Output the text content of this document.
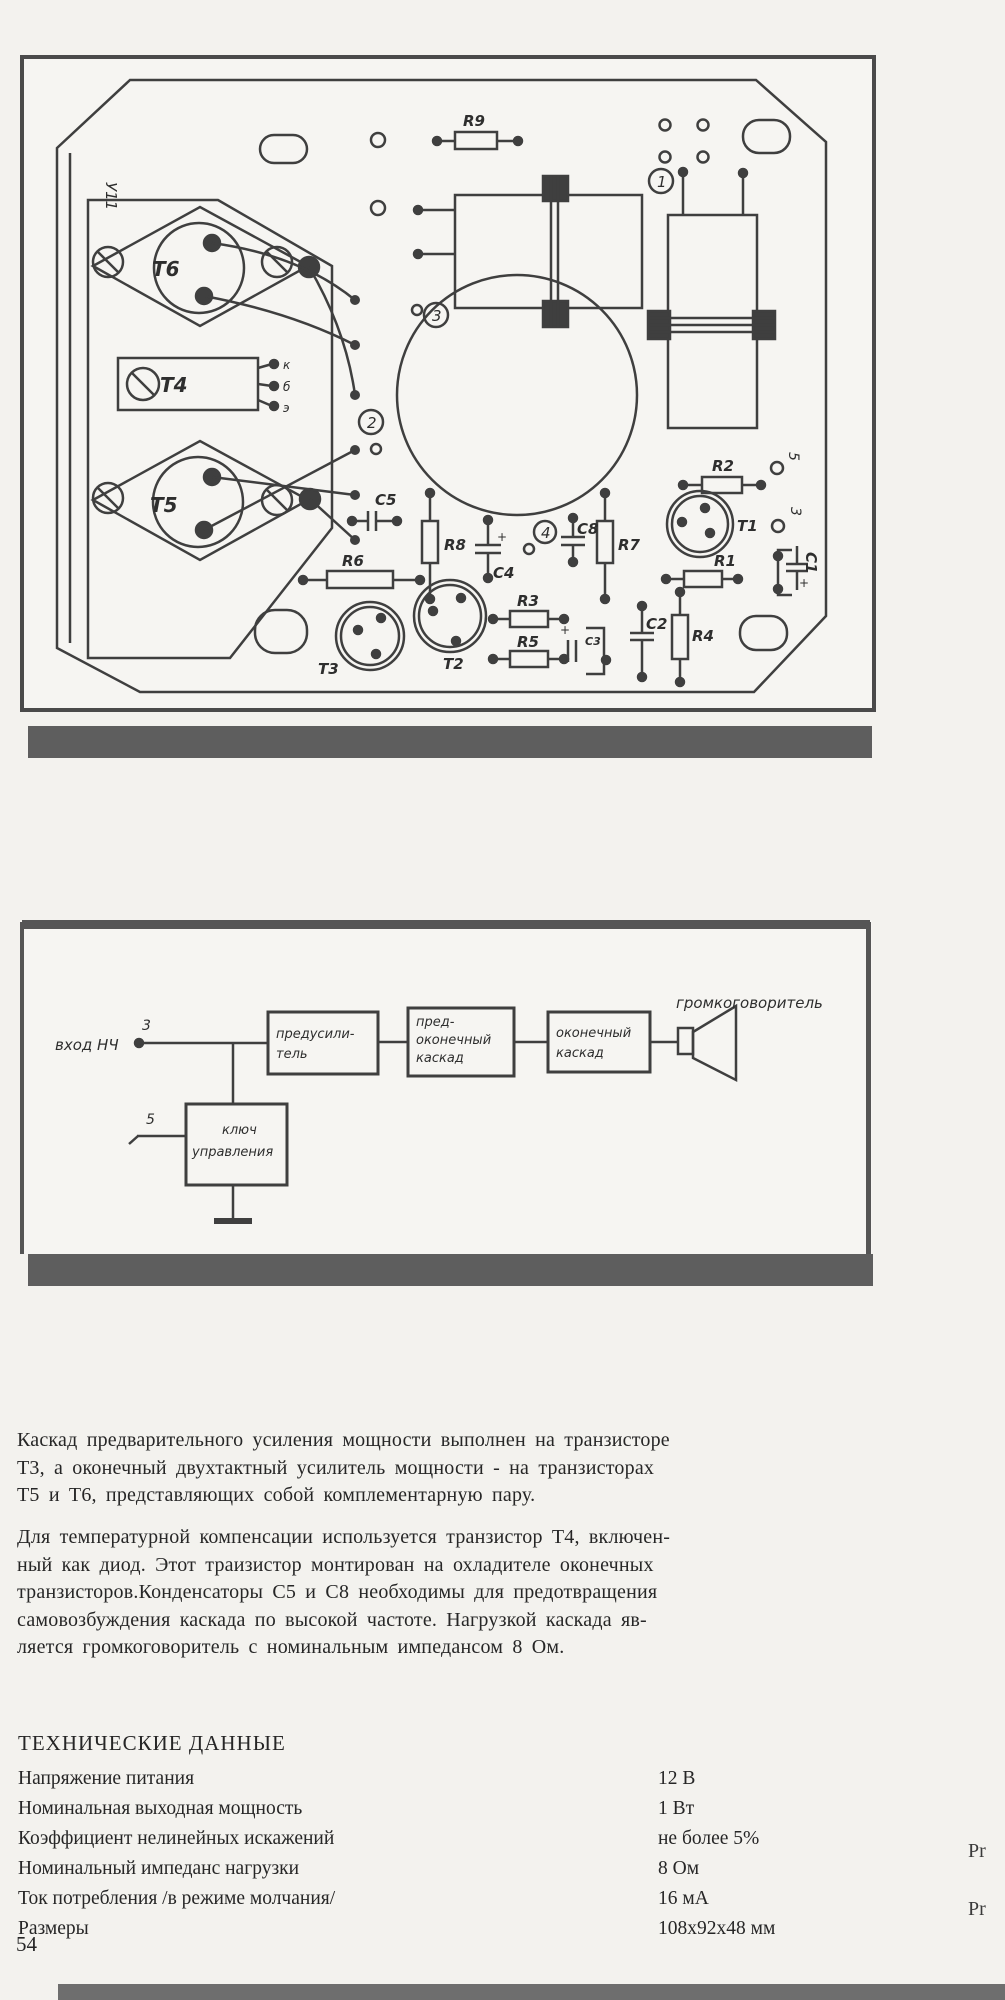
У11
T6
T4
T5
к
б
э
1
2
3
4
R9
C5
R8
C4
C8
R7
R6
T3	T2
R3
R5	C3
C2
R4
R1
T1
R2
C1
+
+
+
5
3
вход НЧ
3
5
предусили-
тель
пред-
оконечный
каскад
оконечный
каскад
ключ
управления
громкоговоритель
Каскад предварительного усиления мощности выполнен на транзисторе
Т3, а оконечный двухтактный усилитель мощности - на транзисторах
Т5 и Т6, представляющих собой комплементарную пару.
Для температурной компенсации используется транзистор Т4, включен-
ный как диод. Этот траизистор монтирован на охладителе оконечных
транзисторов.Конденсаторы С5 и С8 необходимы для предотвращения
самовозбуждения каскада по высокой частоте. Нагрузкой каскада яв-
ляется громкоговоритель с номинальным импедансом 8 Ом.
ТЕХНИЧЕСКИЕ ДАННЫЕ
Напряжение питания
Номинальная выходная мощность
Коэффициент нелинейных искажений
Номинальный импеданс нагрузки
Ток потребления /в режиме молчания/
Размеры
12 В
1 Вт
не более 5%
8 Ом
16 мА
108х92х48 мм
54
Pr
Pr
